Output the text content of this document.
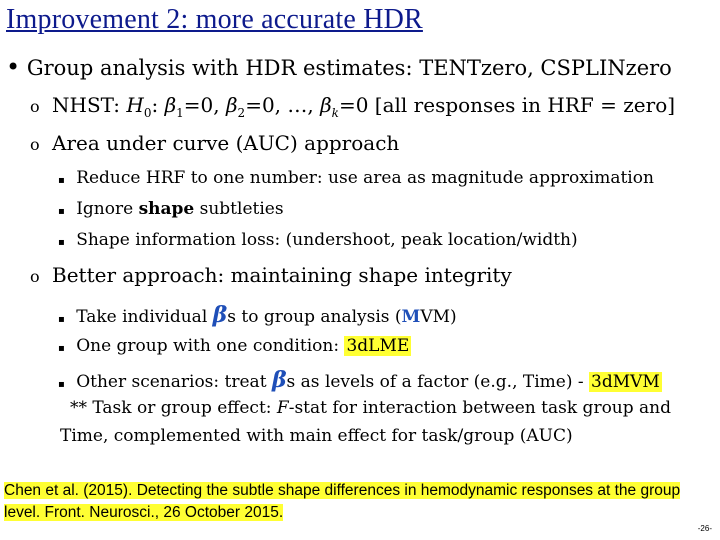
Improvement 2: more accurate HDR
• Group analysis with HDR estimates: TENTzero, CSPLINzero
o NHST: $H_0$: $\beta_1=0$, $\beta_2=0$, …, $\beta_k=0$ [all responses in HRF = zero]
o Area under curve (AUC) approach
▪ Reduce HRF to one number: use area as magnitude approximation
▪ Ignore shape subtleties
▪ Shape information loss: (undershoot, peak location/width)
o Better approach: maintaining shape integrity
▪ Take individual βs to group analysis (MVM)
▪ One group with one condition: 3dLME
▪ Other scenarios: treat βs as levels of a factor (e.g., Time) - 3dMVM
** Task or group effect: F-stat for interaction between task group and
Time, complemented with main effect for task/group (AUC)
Chen et al. (2015). Detecting the subtle shape differences in hemodynamic responses at the group
level. Front. Neurosci., 26 October 2015.
-26-
